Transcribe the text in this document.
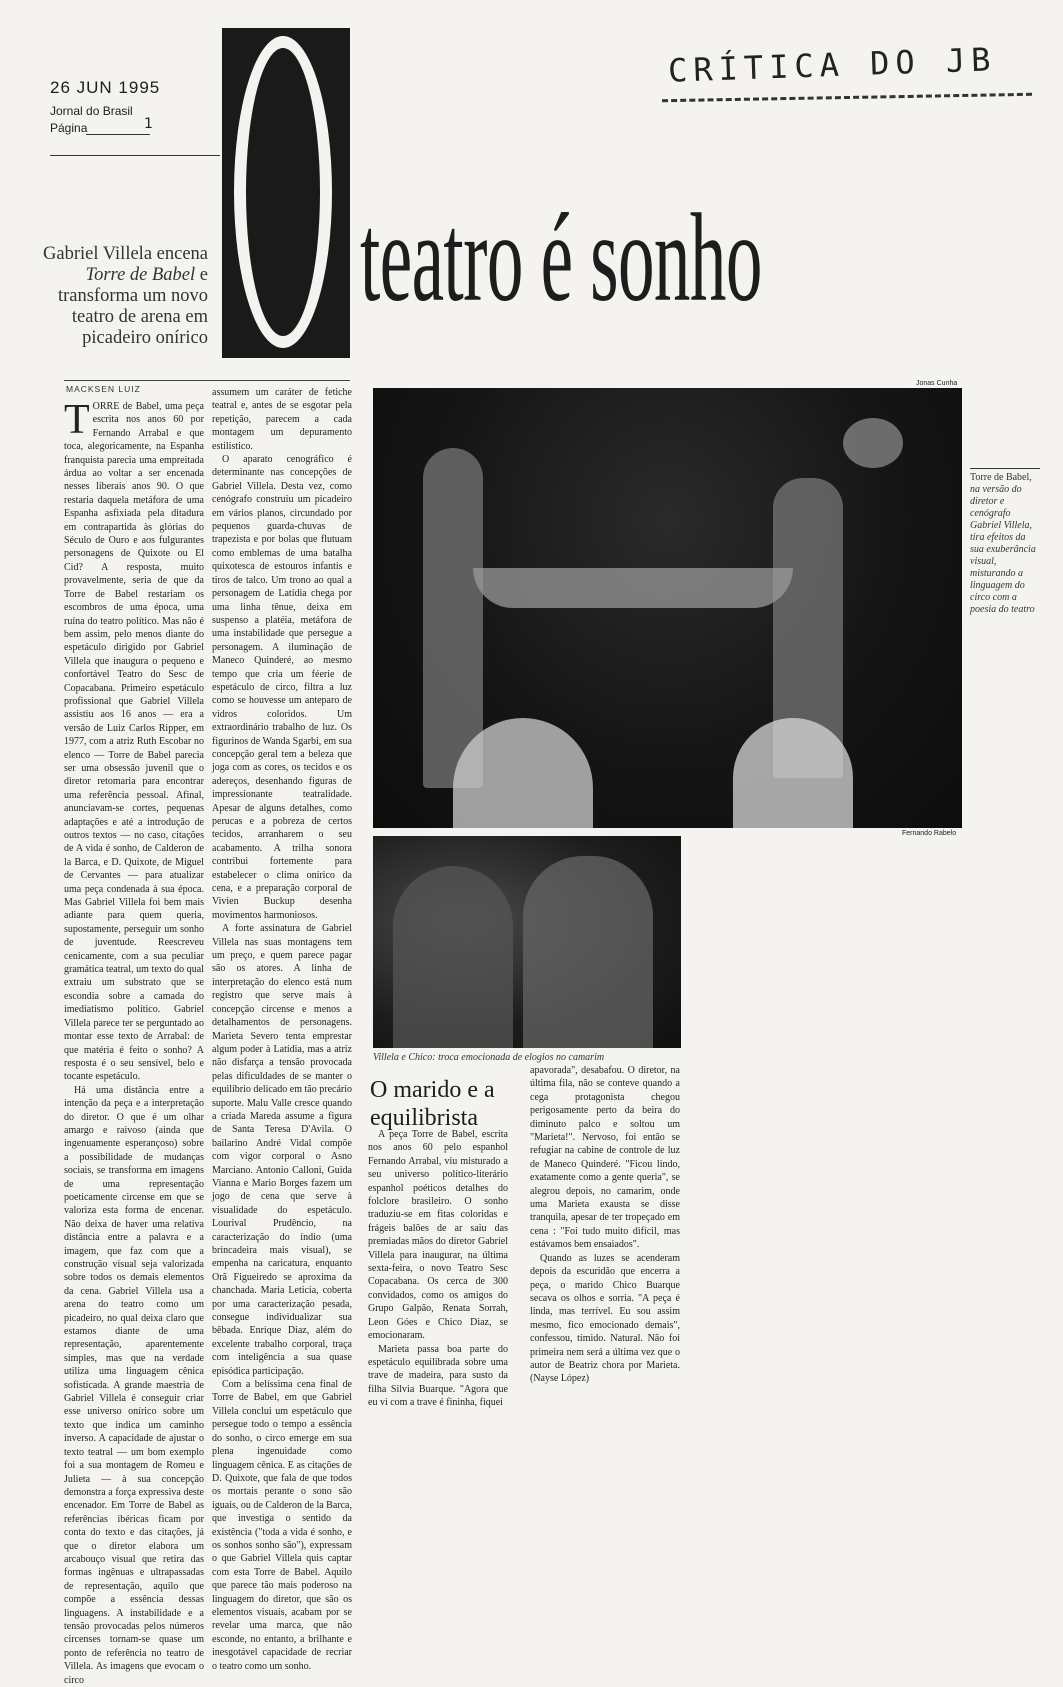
26 JUN 1995
Jornal do Brasil
Página	1
CRÍTICA DO JB
teatro é sonho
Gabriel Villela encena Torre de Babel e transforma um novo teatro de arena em picadeiro onírico
MACKSEN LUIZ

TORRE de Babel, uma peça escrita nos anos 60 por Fernando Arrabal e que toca, alegoricamente, na Espanha franquista parecia uma empreitada árdua ao voltar a ser encenada nesses liberais anos 90. O que restaria daquela metáfora de uma Espanha asfixiada pela ditadura em contrapartida às glórias do Século de Ouro e aos fulgurantes personagens de Quixote ou El Cid? A resposta, muito provavelmente, seria de que da Torre de Babel restariam os escombros de uma época, uma ruína do teatro político. Mas não é bem assim, pelo menos diante do espetáculo dirigido por Gabriel Villela que inaugura o pequeno e confortável Teatro do Sesc de Copacabana. Primeiro espetáculo profissional que Gabriel Villela assistiu aos 16 anos — era a versão de Luiz Carlos Ripper, em 1977, com a atriz Ruth Escobar no elenco — Torre de Babel parecia ser uma obsessão juvenil que o diretor retomaria para encontrar uma referência pessoal. Afinal, anunciavam-se cortes, pequenas adaptações e até a introdução de outros textos — no caso, citações de A vida é sonho, de Calderon de la Barca, e D. Quixote, de Miguel de Cervantes — para atualizar uma peça condenada à sua época. Mas Gabriel Villela foi bem mais adiante para quem queria, supostamente, perseguir um sonho de juventude. Reescreveu cenicamente, com a sua peculiar gramática teatral, um texto do qual extraiu um substrato que se escondia sobre a camada do imediatismo político. Gabriel Villela parece ter se perguntado ao montar esse texto de Arrabal: de que matéria é feito o sonho? A resposta é o seu sensível, belo e tocante espetáculo.

Há uma distância entre a intenção da peça e a interpretação do diretor. O que é um olhar amargo e raivoso (ainda que ingenuamente esperançoso) sobre a possibilidade de mudanças sociais, se transforma em imagens de uma representação poeticamente circense em que se valoriza esta forma de encenar. Não deixa de haver uma relativa distância entre a palavra e a imagem, que faz com que a construção visual seja valorizada sobre todos os demais elementos da cena. Gabriel Villela usa a arena do teatro como um picadeiro, no qual deixa claro que estamos diante de uma representação, aparentemente simples, mas que na verdade utiliza uma linguagem cênica sofisticada. A grande maestria de Gabriel Villela é conseguir criar esse universo onírico sobre um texto que indica um caminho inverso. A capacidade de ajustar o texto teatral — um bom exemplo foi a sua montagem de Romeu e Julieta — à sua concepção demonstra a força expressiva deste encenador. Em Torre de Babel as referências ibéricas ficam por conta do texto e das citações, já que o diretor elabora um arcabouço visual que retira das formas ingênuas e ultrapassadas de representação, aquilo que compõe a essência dessas linguagens. A instabilidade e a tensão provocadas pelos números circenses tornam-se quase um ponto de referência no teatro de Villela. As imagens que evocam o circo

assumem um caráter de fetiche teatral e, antes de se esgotar pela repetição, parecem a cada montagem um depuramento estilístico.

O aparato cenográfico é determinante nas concepções de Gabriel Villela. Desta vez, como cenógrafo construiu um picadeiro em vários planos, circundado por pequenos guarda-chuvas de trapezista e por bolas que flutuam como emblemas de uma batalha quixotesca de estouros infantis e tiros de talco. Um trono ao qual a personagem de Latídia chega por uma linha tênue, deixa em suspenso a platéia, metáfora de uma instabilidade que persegue a personagem. A iluminação de Maneco Quinderé, ao mesmo tempo que cria um féerie de espetáculo de circo, filtra a luz como se houvesse um anteparo de vidros coloridos. Um extraordinário trabalho de luz. Os figurinos de Wanda Sgarbi, em sua concepção geral tem a beleza que joga com as cores, os tecidos e os adereços, desenhando figuras de impressionante teatralidade. Apesar de alguns detalhes, como perucas e a pobreza de certos tecidos, arranharem o seu acabamento. A trilha sonora contribui fortemente para estabelecer o clima onírico da cena, e a preparação corporal de Vivien Buckup desenha movimentos harmoniosos.

A forte assinatura de Gabriel Villela nas suas montagens tem um preço, e quem parece pagar são os atores. A linha de interpretação do elenco está num registro que serve mais à concepção circense e menos a detalhamentos de personagens. Marieta Severo tenta emprestar algum poder à Latídia, mas a atriz não disfarça a tensão provocada pelas dificuldades de se manter o equilíbrio delicado em tão precário suporte. Malu Valle cresce quando a criada Mareda assume a figura de Santa Teresa D'Avila. O bailarino André Vidal compõe com vigor corporal o Asno Marciano. Antonio Calloni, Guida Vianna e Mario Borges fazem um jogo de cena que serve à visualidade do espetáculo. Lourival Prudêncio, na caracterização do índio (uma brincadeira mais visual), se empenha na caricatura, enquanto Orã Figueiredo se aproxima da chanchada. Maria Leticia, coberta por uma caracterização pesada, consegue individualizar sua bêbada. Enrique Diaz, além do excelente trabalho corporal, traça com inteligência a sua quase episódica participação.

Com a belíssima cena final de Torre de Babel, em que Gabriel Villela conclui um espetáculo que persegue todo o tempo a essência do sonho, o circo emerge em sua plena ingenuidade como linguagem cênica. E as citações de D. Quixote, que fala de que todos os mortais perante o sono são iguais, ou de Calderon de la Barca, que investiga o sentido da existência ("toda a vida é sonho, e os sonhos sonho são"), expressam o que Gabriel Villela quis captar com esta Torre de Babel. Aquilo que parece tão mais poderoso na linguagem do diretor, que são os elementos visuais, acabam por se revelar uma marca, que não esconde, no entanto, a brilhante e inesgotável capacidade de recriar o teatro como um sonho.

Jonas Cunha
Fernando Rabelo
Torre de Babel, na versão do diretor e cenógrafo Gabriel Villela, tira efeitos da sua exuberância visual, misturando a linguagem do circo com a poesia do teatro
Villela e Chico: troca emocionada de elogios no camarim
O marido e a equilibrista

A peça Torre de Babel, escrita nos anos 60 pelo espanhol Fernando Arrabal, viu misturado a seu universo político-literário espanhol poéticos detalhes do folclore brasileiro. O sonho traduziu-se em fitas coloridas e frágeis balões de ar saiu das premiadas mãos do diretor Gabriel Villela para inaugurar, na última sexta-feira, o novo Teatro Sesc Copacabana. Os cerca de 300 convidados, como os amigos do Grupo Galpão, Renata Sorrah, Leon Góes e Chico Diaz, se emocionaram.

Marieta passa boa parte do espetáculo equilibrada sobre uma trave de madeira, para susto da filha Silvia Buarque. "Agora que eu vi com a trave é fininha, fiquei

apavorada", desabafou. O diretor, na última fila, não se conteve quando a cega protagonista chegou perigosamente perto da beira do diminuto palco e soltou um "Marieta!". Nervoso, foi então se refugiar na cabine de controle de luz de Maneco Quinderé. "Ficou lindo, exatamente como a gente queria", se alegrou depois, no camarim, onde uma Marieta exausta se disse tranquila, apesar de ter tropeçado em cena : "Foi tudo muito difícil, mas estávamos bem ensaiados".

Quando as luzes se acenderam depois da escuridão que encerra a peça, o marido Chico Buarque secava os olhos e sorria. "A peça é linda, mas terrível. Eu sou assim mesmo, fico emocionado demais", confessou, tímido. Natural. Não foi primeira nem será a última vez que o autor de Beatriz chora por Marieta. (Nayse López)
